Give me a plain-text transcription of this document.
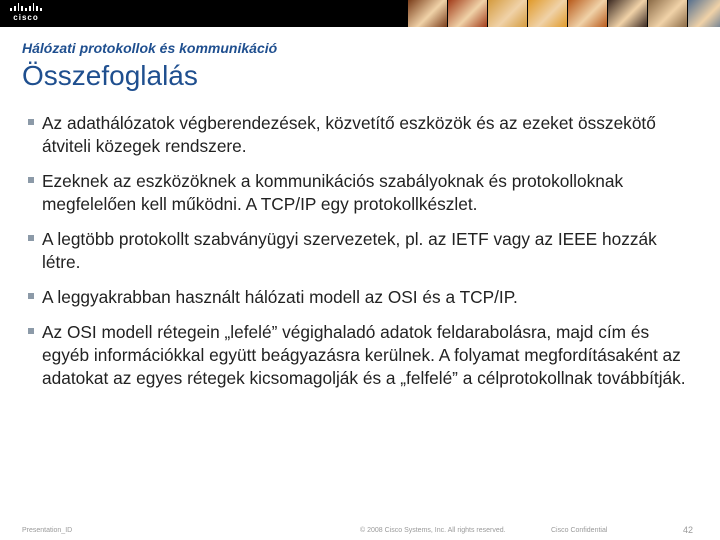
cisco
Hálózati protokollok és kommunikáció
Összefoglalás
Az adathálózatok végberendezések, közvetítő eszközök és az ezeket összekötő átviteli közegek rendszere.
Ezeknek az eszközöknek a kommunikációs szabályoknak és protokolloknak megfelelően kell működni. A TCP/IP egy protokollkészlet.
A legtöbb protokollt szabványügyi szervezetek, pl. az IETF vagy az IEEE hozzák létre.
A leggyakrabban használt hálózati modell az OSI és a TCP/IP.
Az OSI modell rétegein „lefelé” végighaladó adatok feldarabolásra, majd cím és egyéb információkkal együtt beágyazásra kerülnek. A folyamat megfordításaként az adatokat az egyes rétegek kicsomagolják és a „felfelé” a célprotokollnak továbbítják.
Presentation_ID	© 2008 Cisco Systems, Inc. All rights reserved.	Cisco Confidential	42
